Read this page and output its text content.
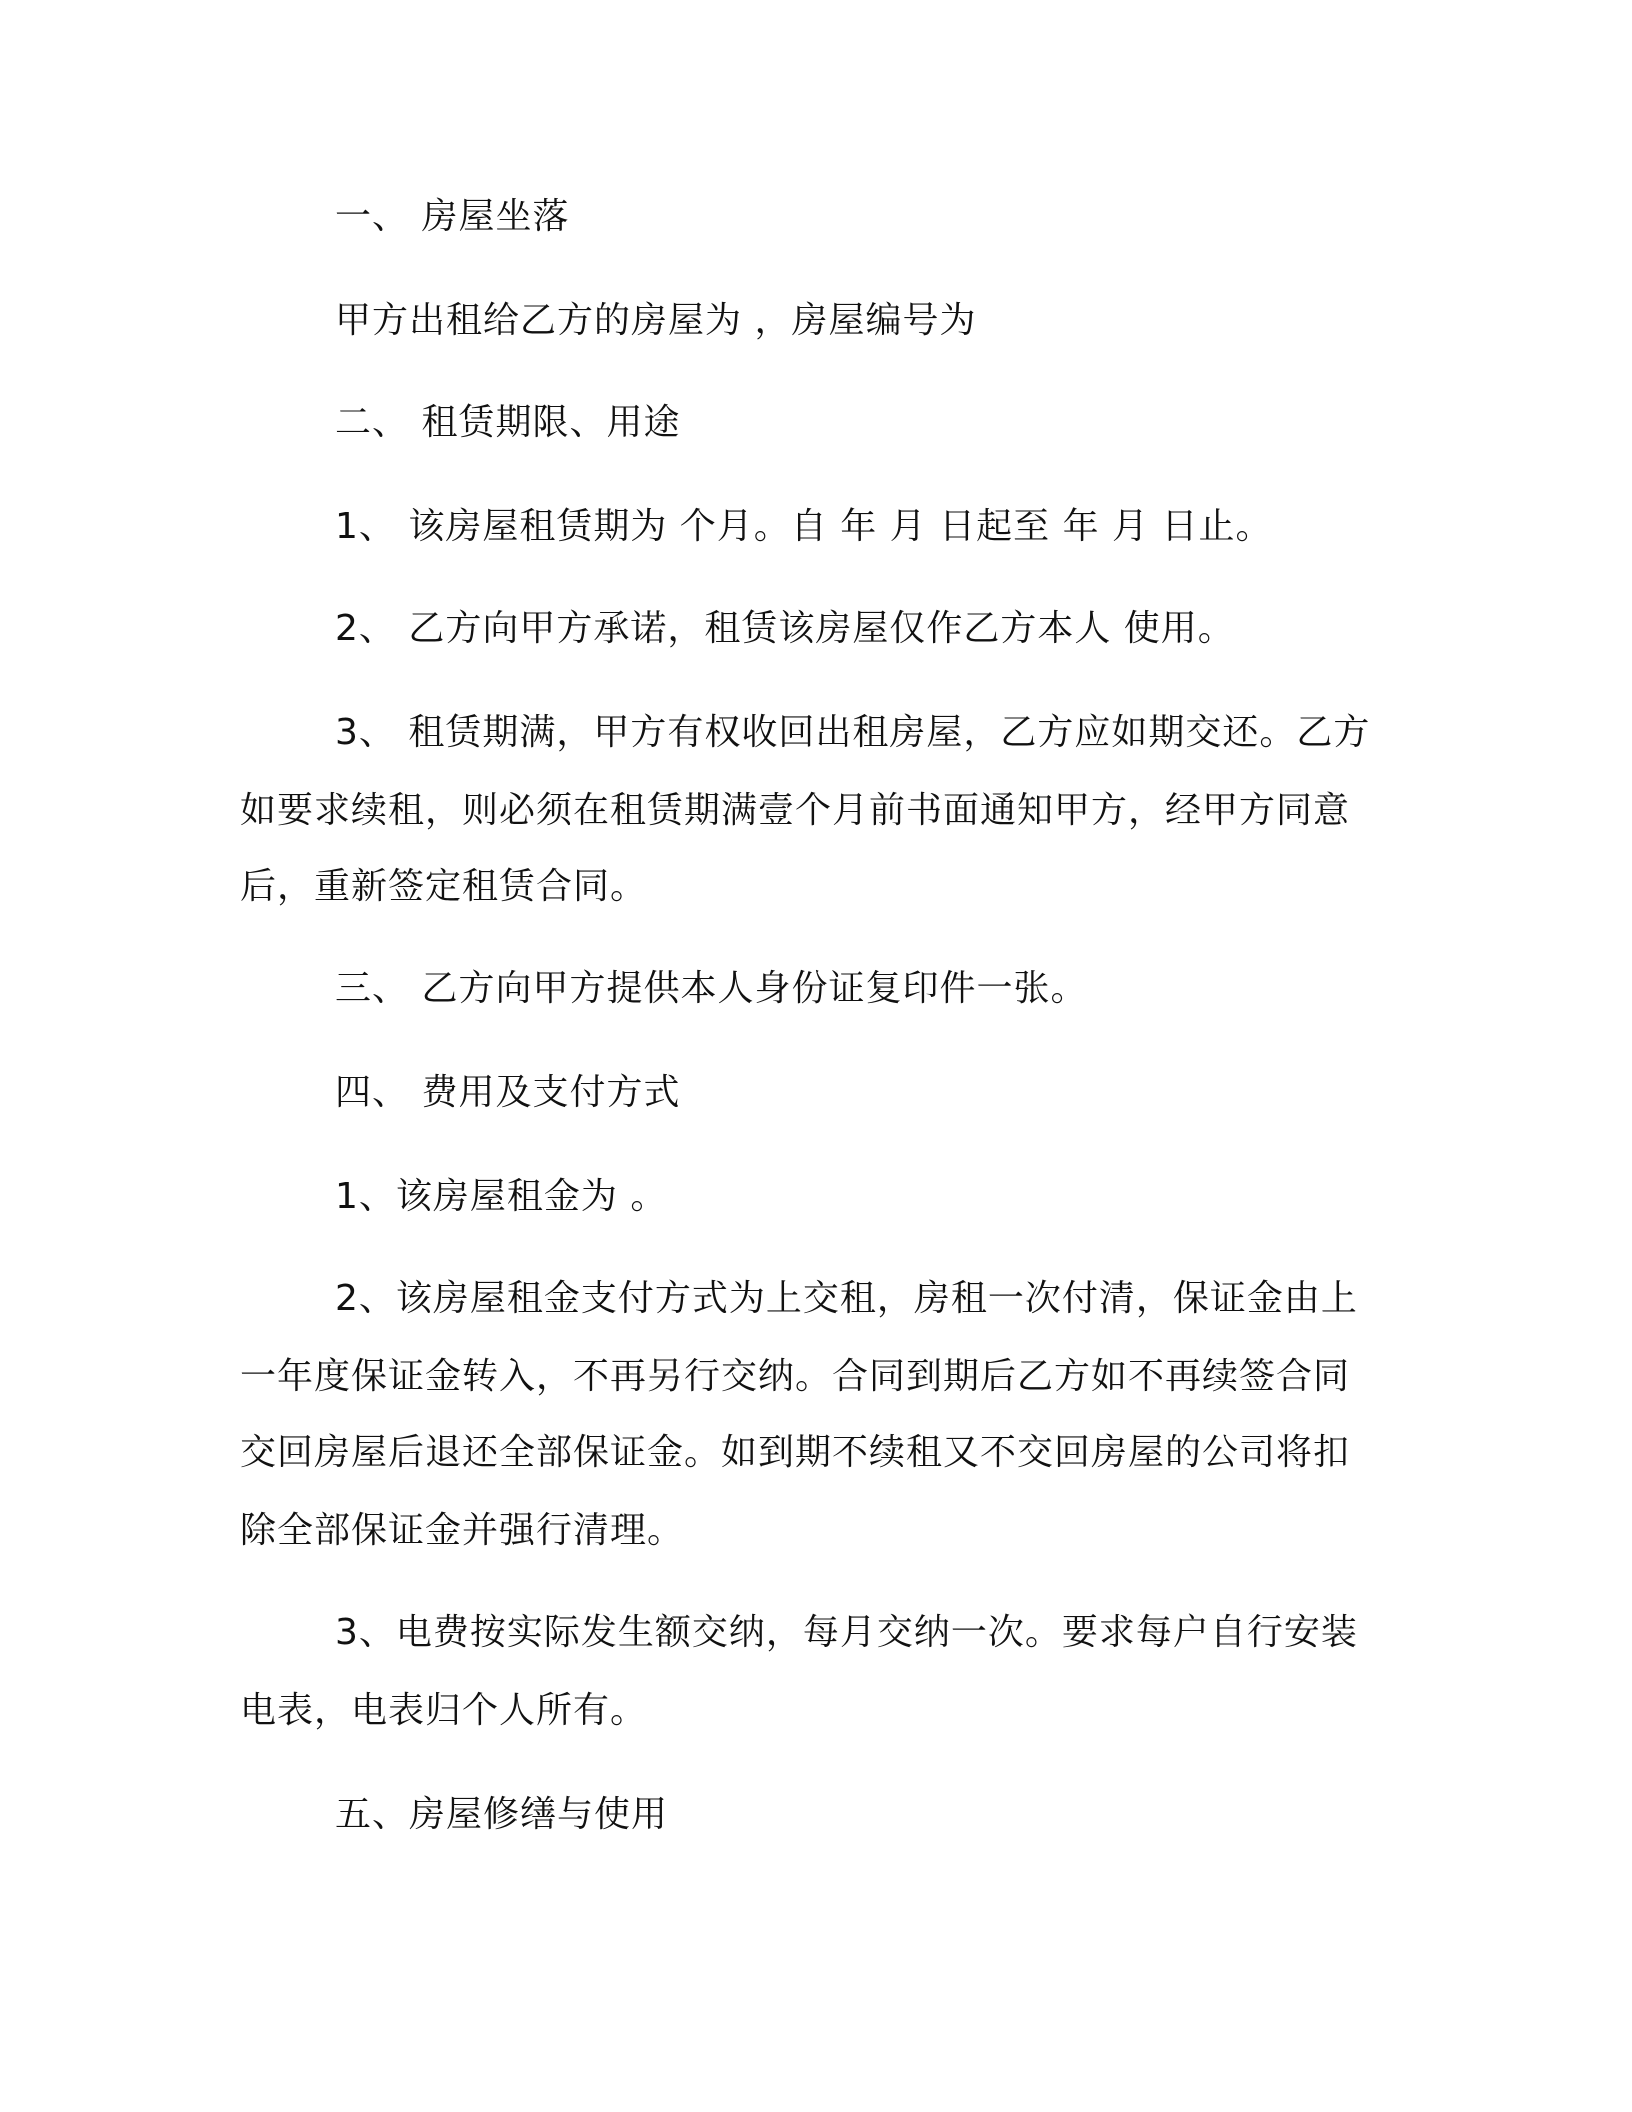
一、 房屋坐落
甲方出租给乙方的房屋为 ，房屋编号为
二、 租赁期限、用途
1、 该房屋租赁期为 个月。自 年 月 日起至 年 月 日止。
2、 乙方向甲方承诺，租赁该房屋仅作乙方本人 使用。
3、 租赁期满，甲方有权收回出租房屋，乙方应如期交还。乙方
如要求续租，则必须在租赁期满壹个月前书面通知甲方，经甲方同意
后，重新签定租赁合同。
三、 乙方向甲方提供本人身份证复印件一张。
四、 费用及支付方式
1、该房屋租金为 。
2、该房屋租金支付方式为上交租，房租一次付清，保证金由上
一年度保证金转入，不再另行交纳。合同到期后乙方如不再续签合同
交回房屋后退还全部保证金。如到期不续租又不交回房屋的公司将扣
除全部保证金并强行清理。
3、电费按实际发生额交纳，每月交纳一次。要求每户自行安装
电表，电表归个人所有。
五、房屋修缮与使用
